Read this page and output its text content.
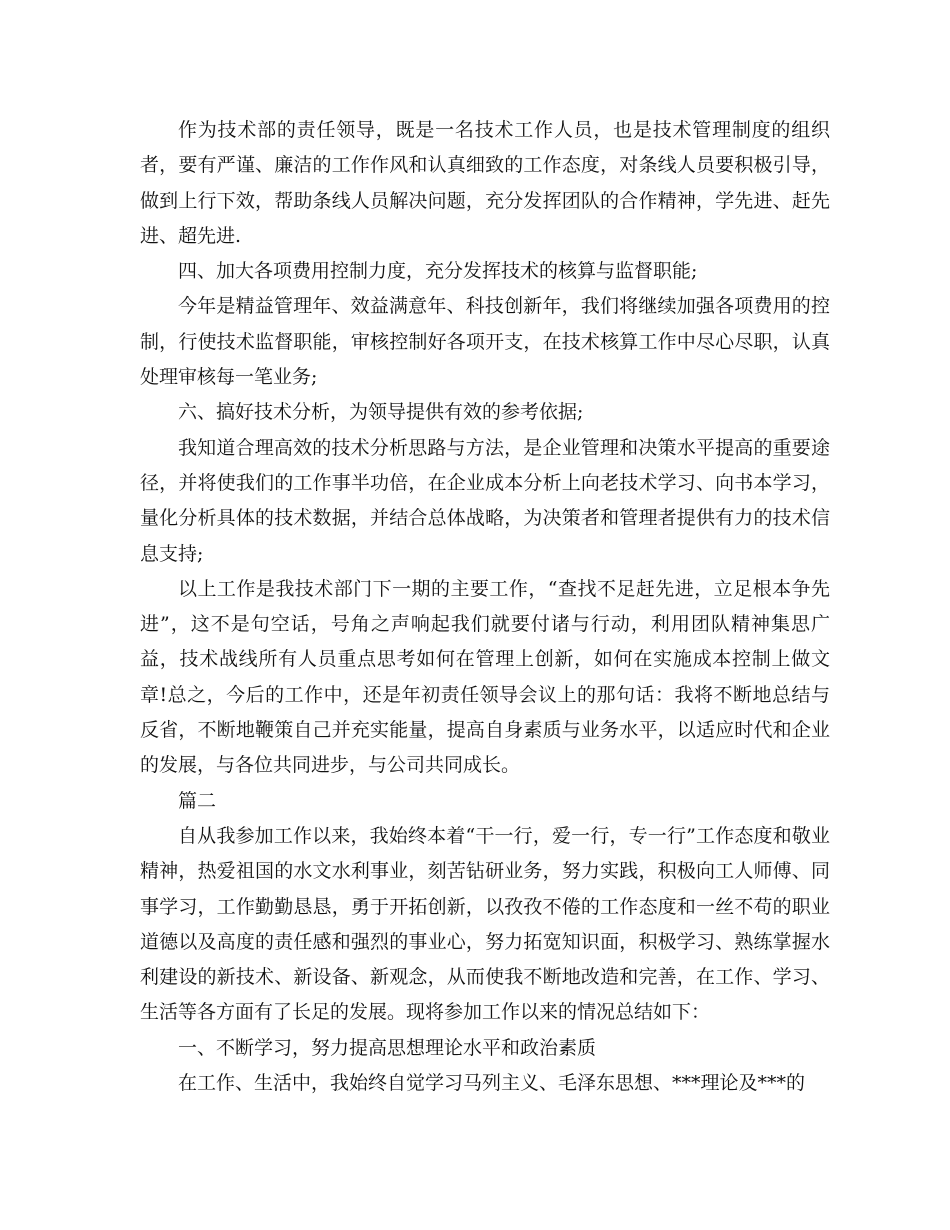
作为技术部的责任领导，既是一名技术工作人员，也是技术管理制度的组织者，要有严谨、廉洁的工作作风和认真细致的工作态度，对条线人员要积极引导，做到上行下效，帮助条线人员解决问题，充分发挥团队的合作精神，学先进、赶先进、超先进.

四、加大各项费用控制力度，充分发挥技术的核算与监督职能;

今年是精益管理年、效益满意年、科技创新年，我们将继续加强各项费用的控制，行使技术监督职能，审核控制好各项开支，在技术核算工作中尽心尽职，认真处理审核每一笔业务;

六、搞好技术分析，为领导提供有效的参考依据;

我知道合理高效的技术分析思路与方法，是企业管理和决策水平提高的重要途径，并将使我们的工作事半功倍，在企业成本分析上向老技术学习、向书本学习，量化分析具体的技术数据，并结合总体战略，为决策者和管理者提供有力的技术信息支持;

以上工作是我技术部门下一期的主要工作，“查找不足赶先进，立足根本争先进”，这不是句空话，号角之声响起我们就要付诸与行动，利用团队精神集思广益，技术战线所有人员重点思考如何在管理上创新，如何在实施成本控制上做文章!总之，今后的工作中，还是年初责任领导会议上的那句话：我将不断地总结与反省，不断地鞭策自己并充实能量，提高自身素质与业务水平，以适应时代和企业的发展，与各位共同进步，与公司共同成长。

篇二

自从我参加工作以来，我始终本着“干一行，爱一行，专一行”工作态度和敬业精神，热爱祖国的水文水利事业，刻苦钻研业务，努力实践，积极向工人师傅、同事学习，工作勤勤恳恳，勇于开拓创新，以孜孜不倦的工作态度和一丝不苟的职业道德以及高度的责任感和强烈的事业心，努力拓宽知识面，积极学习、熟练掌握水利建设的新技术、新设备、新观念，从而使我不断地改造和完善，在工作、学习、生活等各方面有了长足的发展。现将参加工作以来的情况总结如下：

一、不断学习，努力提高思想理论水平和政治素质

在工作、生活中，我始终自觉学习马列主义、毛泽东思想、***理论及***的
